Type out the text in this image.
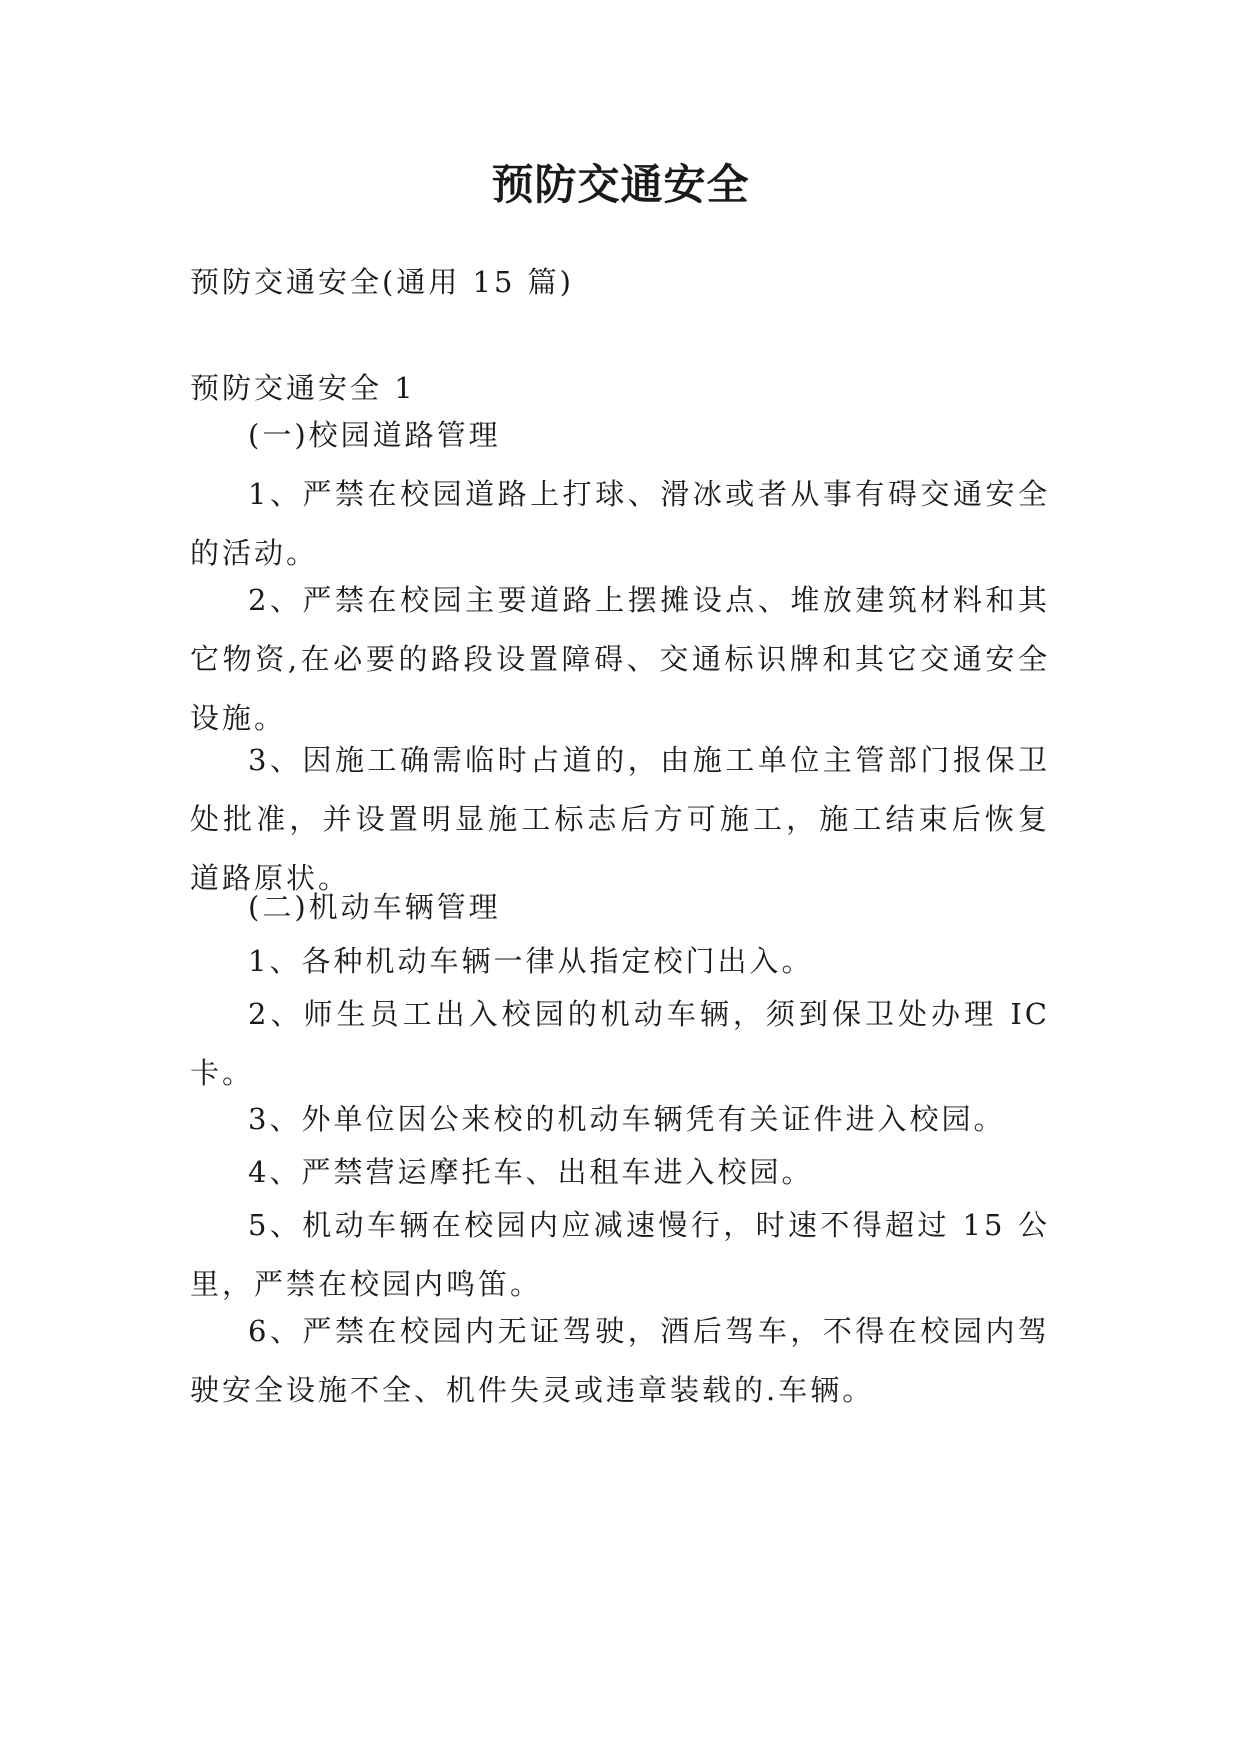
预防交通安全

预防交通安全(通用 15 篇)

预防交通安全 1

(一)校园道路管理

1、严禁在校园道路上打球、滑冰或者从事有碍交通安全的活动。

2、严禁在校园主要道路上摆摊设点、堆放建筑材料和其它物资,在必要的路段设置障碍、交通标识牌和其它交通安全设施。

3、因施工确需临时占道的，由施工单位主管部门报保卫处批准，并设置明显施工标志后方可施工，施工结束后恢复道路原状。

(二)机动车辆管理

1、各种机动车辆一律从指定校门出入。

2、师生员工出入校园的机动车辆，须到保卫处办理 IC 卡。

3、外单位因公来校的机动车辆凭有关证件进入校园。

4、严禁营运摩托车、出租车进入校园。

5、机动车辆在校园内应减速慢行，时速不得超过 15 公里，严禁在校园内鸣笛。

6、严禁在校园内无证驾驶，酒后驾车，不得在校园内驾驶安全设施不全、机件失灵或违章装载的.车辆。
